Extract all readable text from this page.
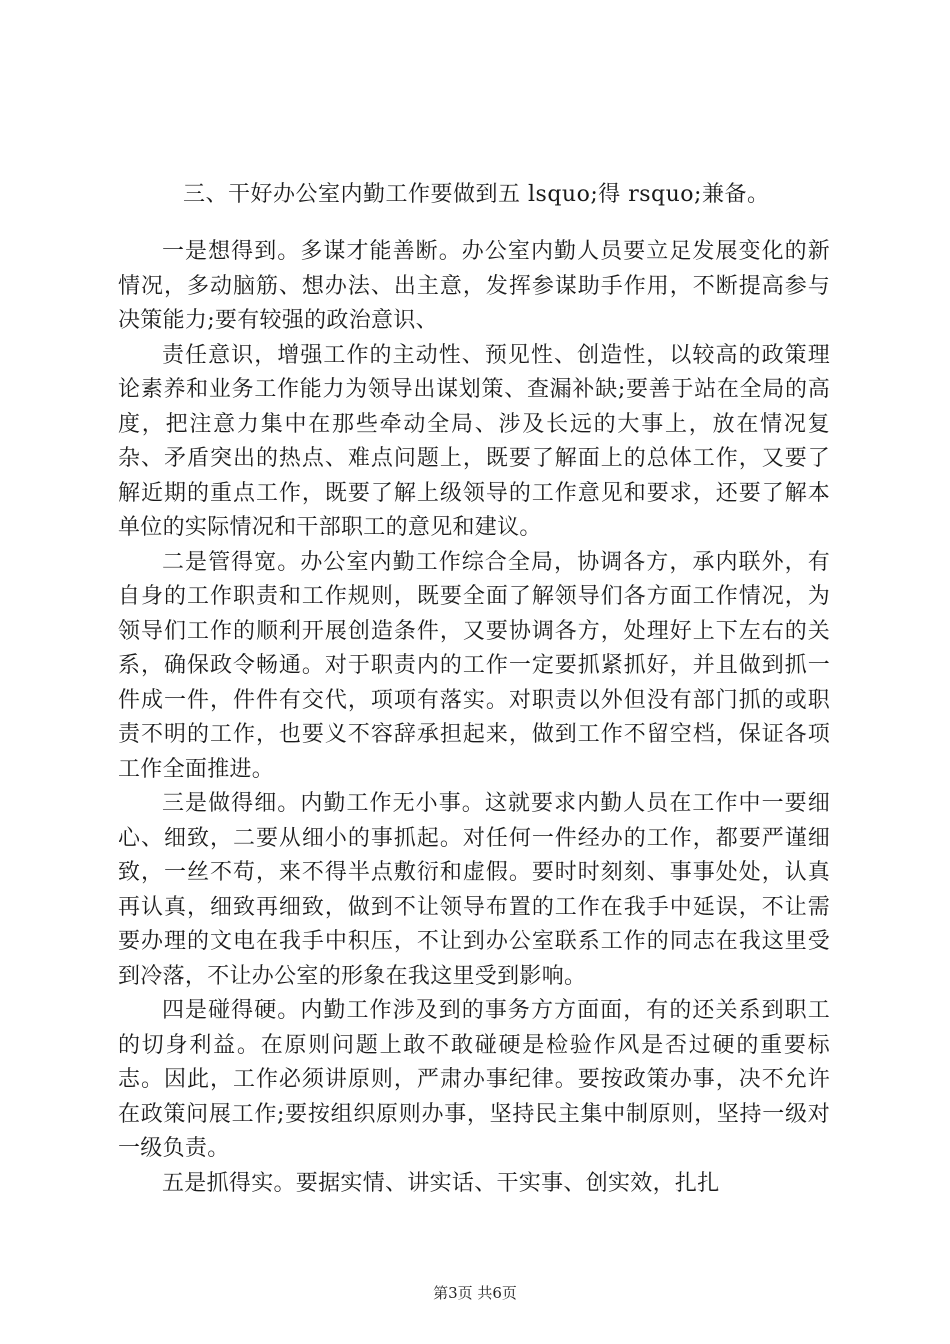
三、干好办公室内勤工作要做到五 lsquo;得 rsquo;兼备。

一是想得到。多谋才能善断。办公室内勤人员要立足发展变化的新情况，多动脑筋、想办法、出主意，发挥参谋助手作用，不断提高参与决策能力;要有较强的政治意识、

责任意识，增强工作的主动性、预见性、创造性，以较高的政策理论素养和业务工作能力为领导出谋划策、查漏补缺;要善于站在全局的高度，把注意力集中在那些牵动全局、涉及长远的大事上，放在情况复杂、矛盾突出的热点、难点问题上，既要了解面上的总体工作，又要了解近期的重点工作，既要了解上级领导的工作意见和要求，还要了解本单位的实际情况和干部职工的意见和建议。

二是管得宽。办公室内勤工作综合全局，协调各方，承内联外，有自身的工作职责和工作规则，既要全面了解领导们各方面工作情况，为领导们工作的顺利开展创造条件，又要协调各方，处理好上下左右的关系，确保政令畅通。对于职责内的工作一定要抓紧抓好，并且做到抓一件成一件，件件有交代，项项有落实。对职责以外但没有部门抓的或职责不明的工作，也要义不容辞承担起来，做到工作不留空档，保证各项工作全面推进。

三是做得细。内勤工作无小事。这就要求内勤人员在工作中一要细心、细致，二要从细小的事抓起。对任何一件经办的工作，都要严谨细致，一丝不苟，来不得半点敷衍和虚假。要时时刻刻、事事处处，认真再认真，细致再细致，做到不让领导布置的工作在我手中延误，不让需要办理的文电在我手中积压，不让到办公室联系工作的同志在我这里受到冷落，不让办公室的形象在我这里受到影响。

四是碰得硬。内勤工作涉及到的事务方方面面，有的还关系到职工的切身利益。在原则问题上敢不敢碰硬是检验作风是否过硬的重要标志。因此，工作必须讲原则，严肃办事纪律。要按政策办事，决不允许在政策问展工作;要按组织原则办事，坚持民主集中制原则，坚持一级对一级负责。

五是抓得实。要据实情、讲实话、干实事、创实效，扎扎

第3页 共6页
